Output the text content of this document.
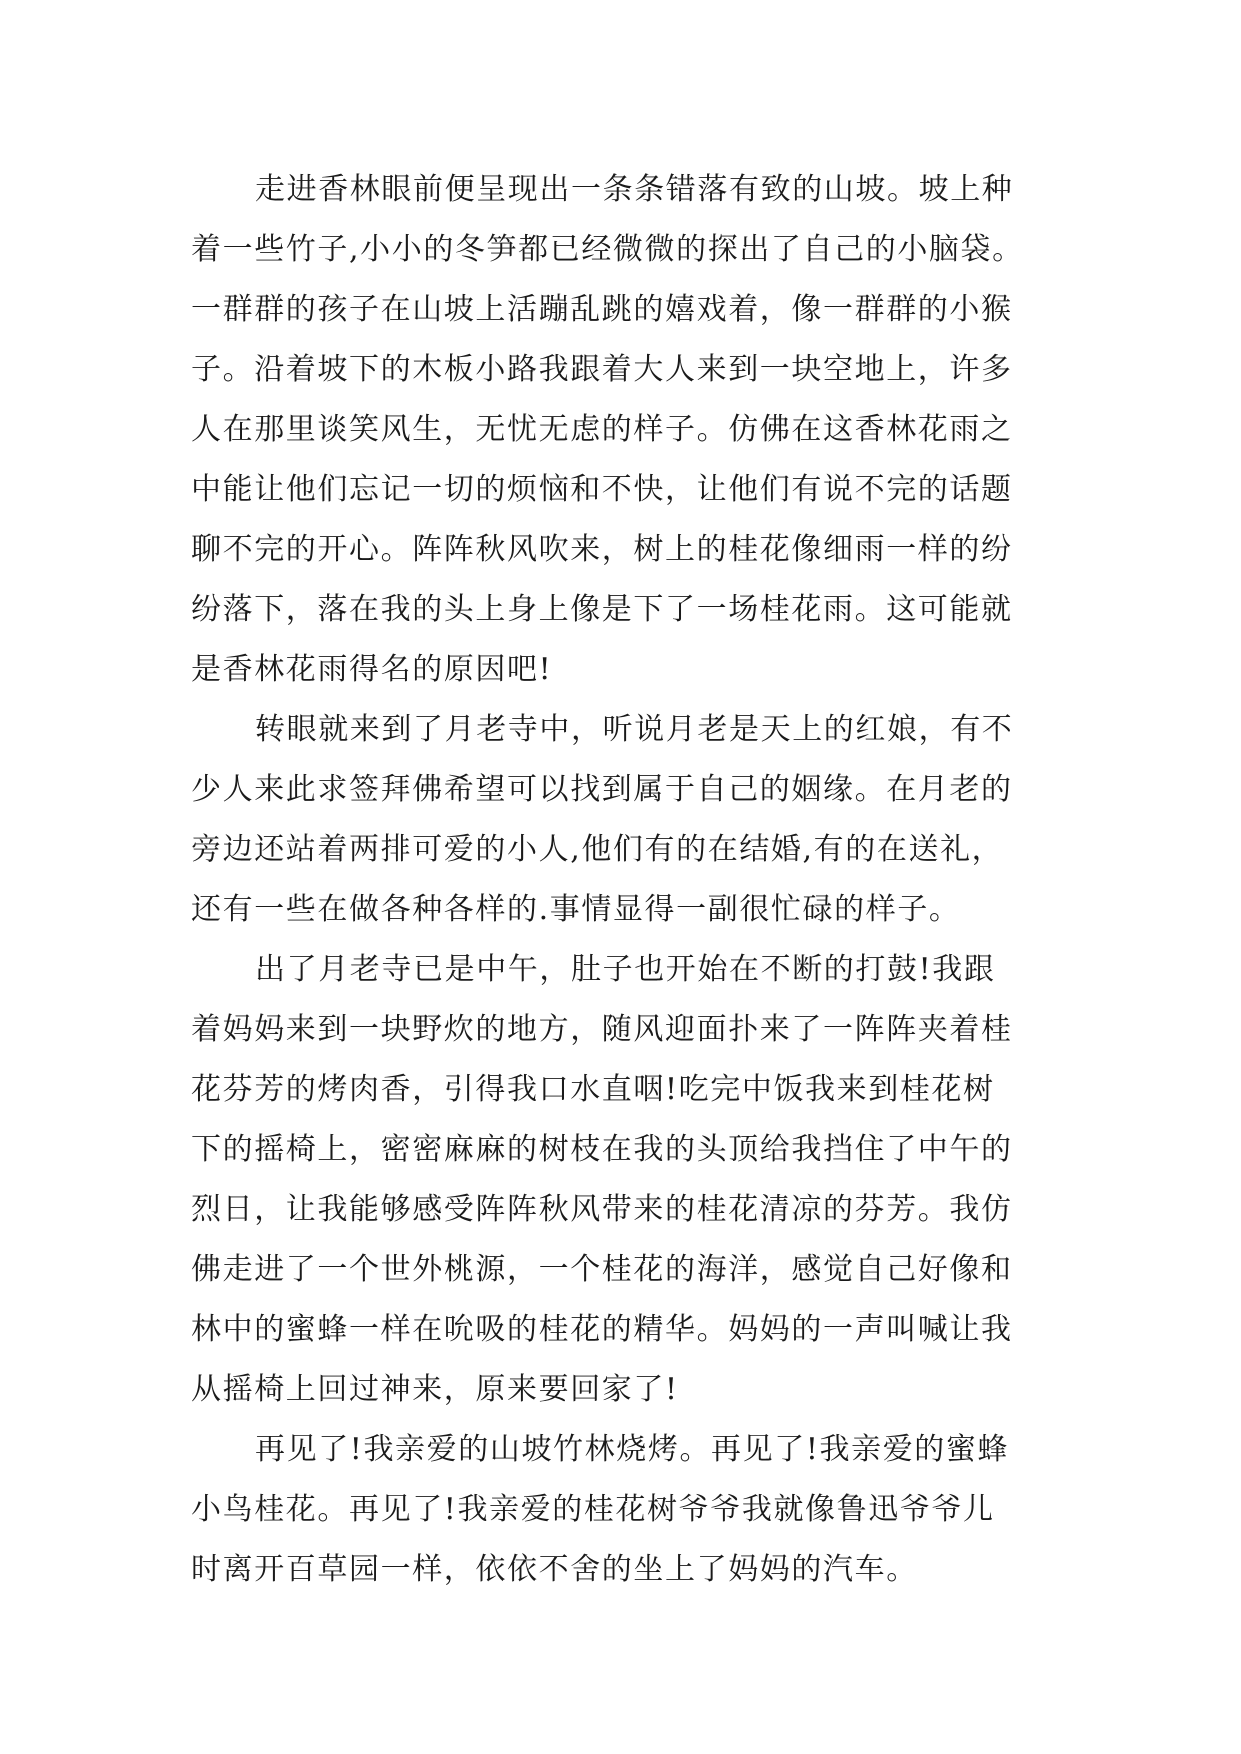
走进香林眼前便呈现出一条条错落有致的山坡。坡上种
着一些竹子,小小的冬笋都已经微微的探出了自己的小脑袋。
一群群的孩子在山坡上活蹦乱跳的嬉戏着，像一群群的小猴
子。沿着坡下的木板小路我跟着大人来到一块空地上，许多
人在那里谈笑风生，无忧无虑的样子。仿佛在这香林花雨之
中能让他们忘记一切的烦恼和不快，让他们有说不完的话题
聊不完的开心。阵阵秋风吹来，树上的桂花像细雨一样的纷
纷落下，落在我的头上身上像是下了一场桂花雨。这可能就
是香林花雨得名的原因吧!
转眼就来到了月老寺中，听说月老是天上的红娘，有不
少人来此求签拜佛希望可以找到属于自己的姻缘。在月老的
旁边还站着两排可爱的小人,他们有的在结婚,有的在送礼，
还有一些在做各种各样的.事情显得一副很忙碌的样子。
出了月老寺已是中午，肚子也开始在不断的打鼓!我跟
着妈妈来到一块野炊的地方，随风迎面扑来了一阵阵夹着桂
花芬芳的烤肉香，引得我口水直咽!吃完中饭我来到桂花树
下的摇椅上，密密麻麻的树枝在我的头顶给我挡住了中午的
烈日，让我能够感受阵阵秋风带来的桂花清凉的芬芳。我仿
佛走进了一个世外桃源，一个桂花的海洋，感觉自己好像和
林中的蜜蜂一样在吮吸的桂花的精华。妈妈的一声叫喊让我
从摇椅上回过神来，原来要回家了!
再见了!我亲爱的山坡竹林烧烤。再见了!我亲爱的蜜蜂
小鸟桂花。再见了!我亲爱的桂花树爷爷我就像鲁迅爷爷儿
时离开百草园一样，依依不舍的坐上了妈妈的汽车。
